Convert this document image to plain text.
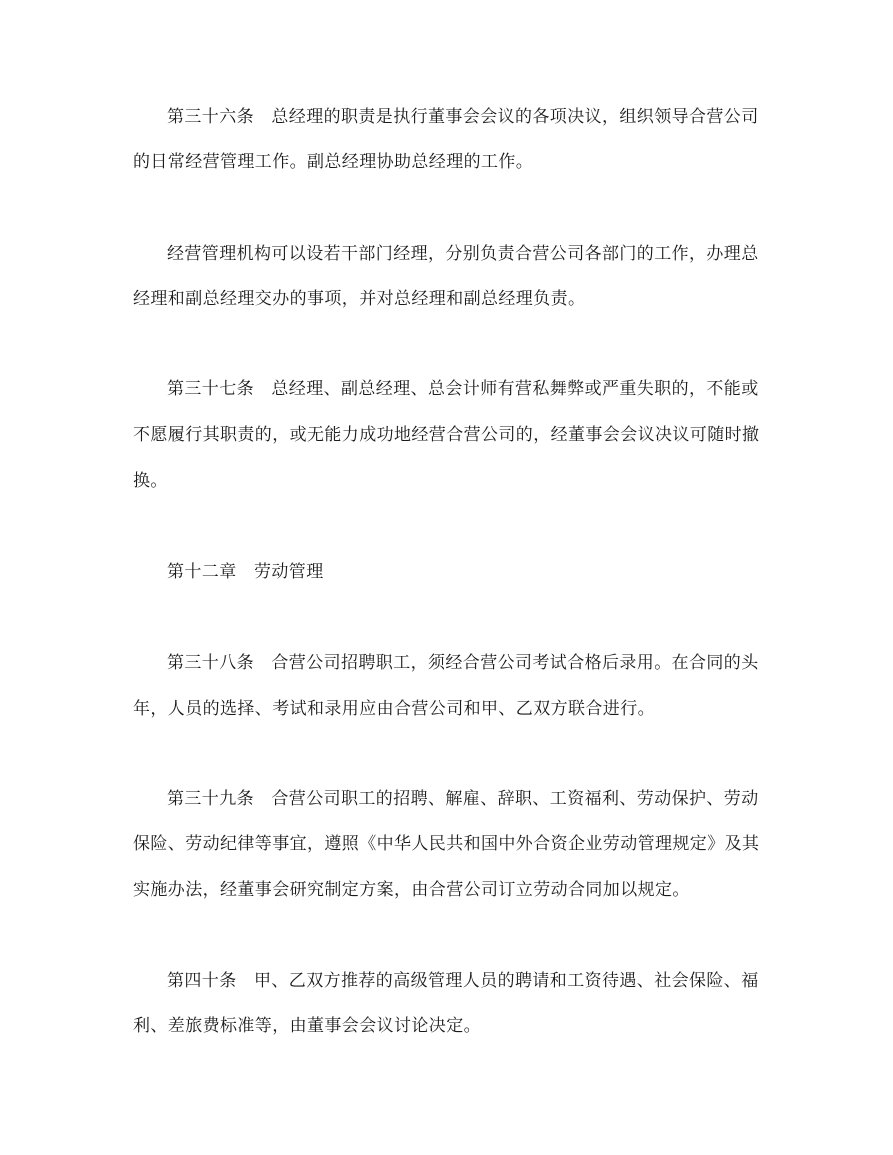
第三十六条　总经理的职责是执行董事会会议的各项决议，组织领导合营公司
的日常经营管理工作。副总经理协助总经理的工作。
经营管理机构可以设若干部门经理，分别负责合营公司各部门的工作，办理总
经理和副总经理交办的事项，并对总经理和副总经理负责。
第三十七条　总经理、副总经理、总会计师有营私舞弊或严重失职的，不能或
不愿履行其职责的，或无能力成功地经营合营公司的，经董事会会议决议可随时撤
换。
第十二章　劳动管理
第三十八条　合营公司招聘职工，须经合营公司考试合格后录用。在合同的头
年，人员的选择、考试和录用应由合营公司和甲、乙双方联合进行。
第三十九条　合营公司职工的招聘、解雇、辞职、工资福利、劳动保护、劳动
保险、劳动纪律等事宜，遵照《中华人民共和国中外合资企业劳动管理规定》及其
实施办法，经董事会研究制定方案，由合营公司订立劳动合同加以规定。
第四十条　甲、乙双方推荐的高级管理人员的聘请和工资待遇、社会保险、福
利、差旅费标准等，由董事会会议讨论决定。
